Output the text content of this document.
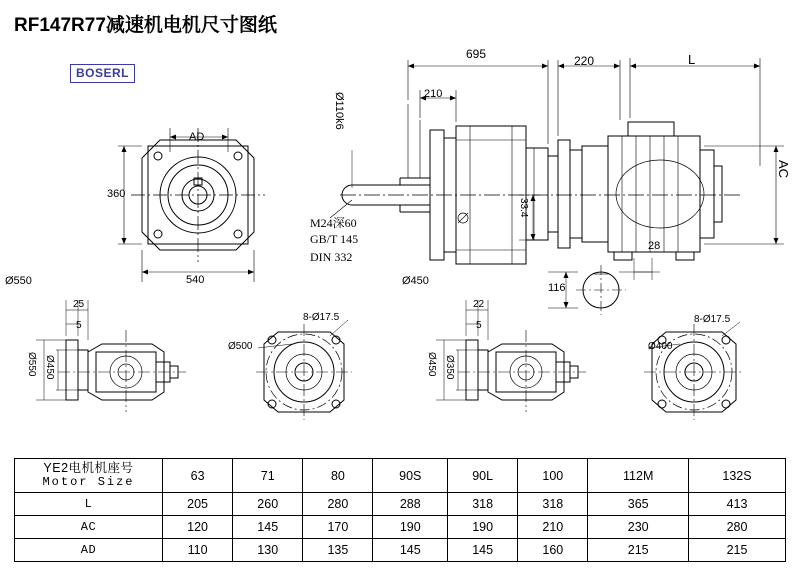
RF147R77减速机电机尺寸图纸
BOSERL
AD
360
540
695	220	L
210
AC
Ø110k6
33.4
M24深60
GB/T 145
DIN 332
Ø550	Ø450
28
116
25
5
Ø550 Ø450
Ø500
8-Ø17.5
22
5
Ø450 Ø350
Ø400
8-Ø17.5
YE2电机机座号
Motor Size	63	71	80	90S	90L	100	112M	132S
L	205	260	280	288	318	318	365	413
AC	120	145	170	190	190	210	230	280
AD	110	130	135	145	145	160	215	215
